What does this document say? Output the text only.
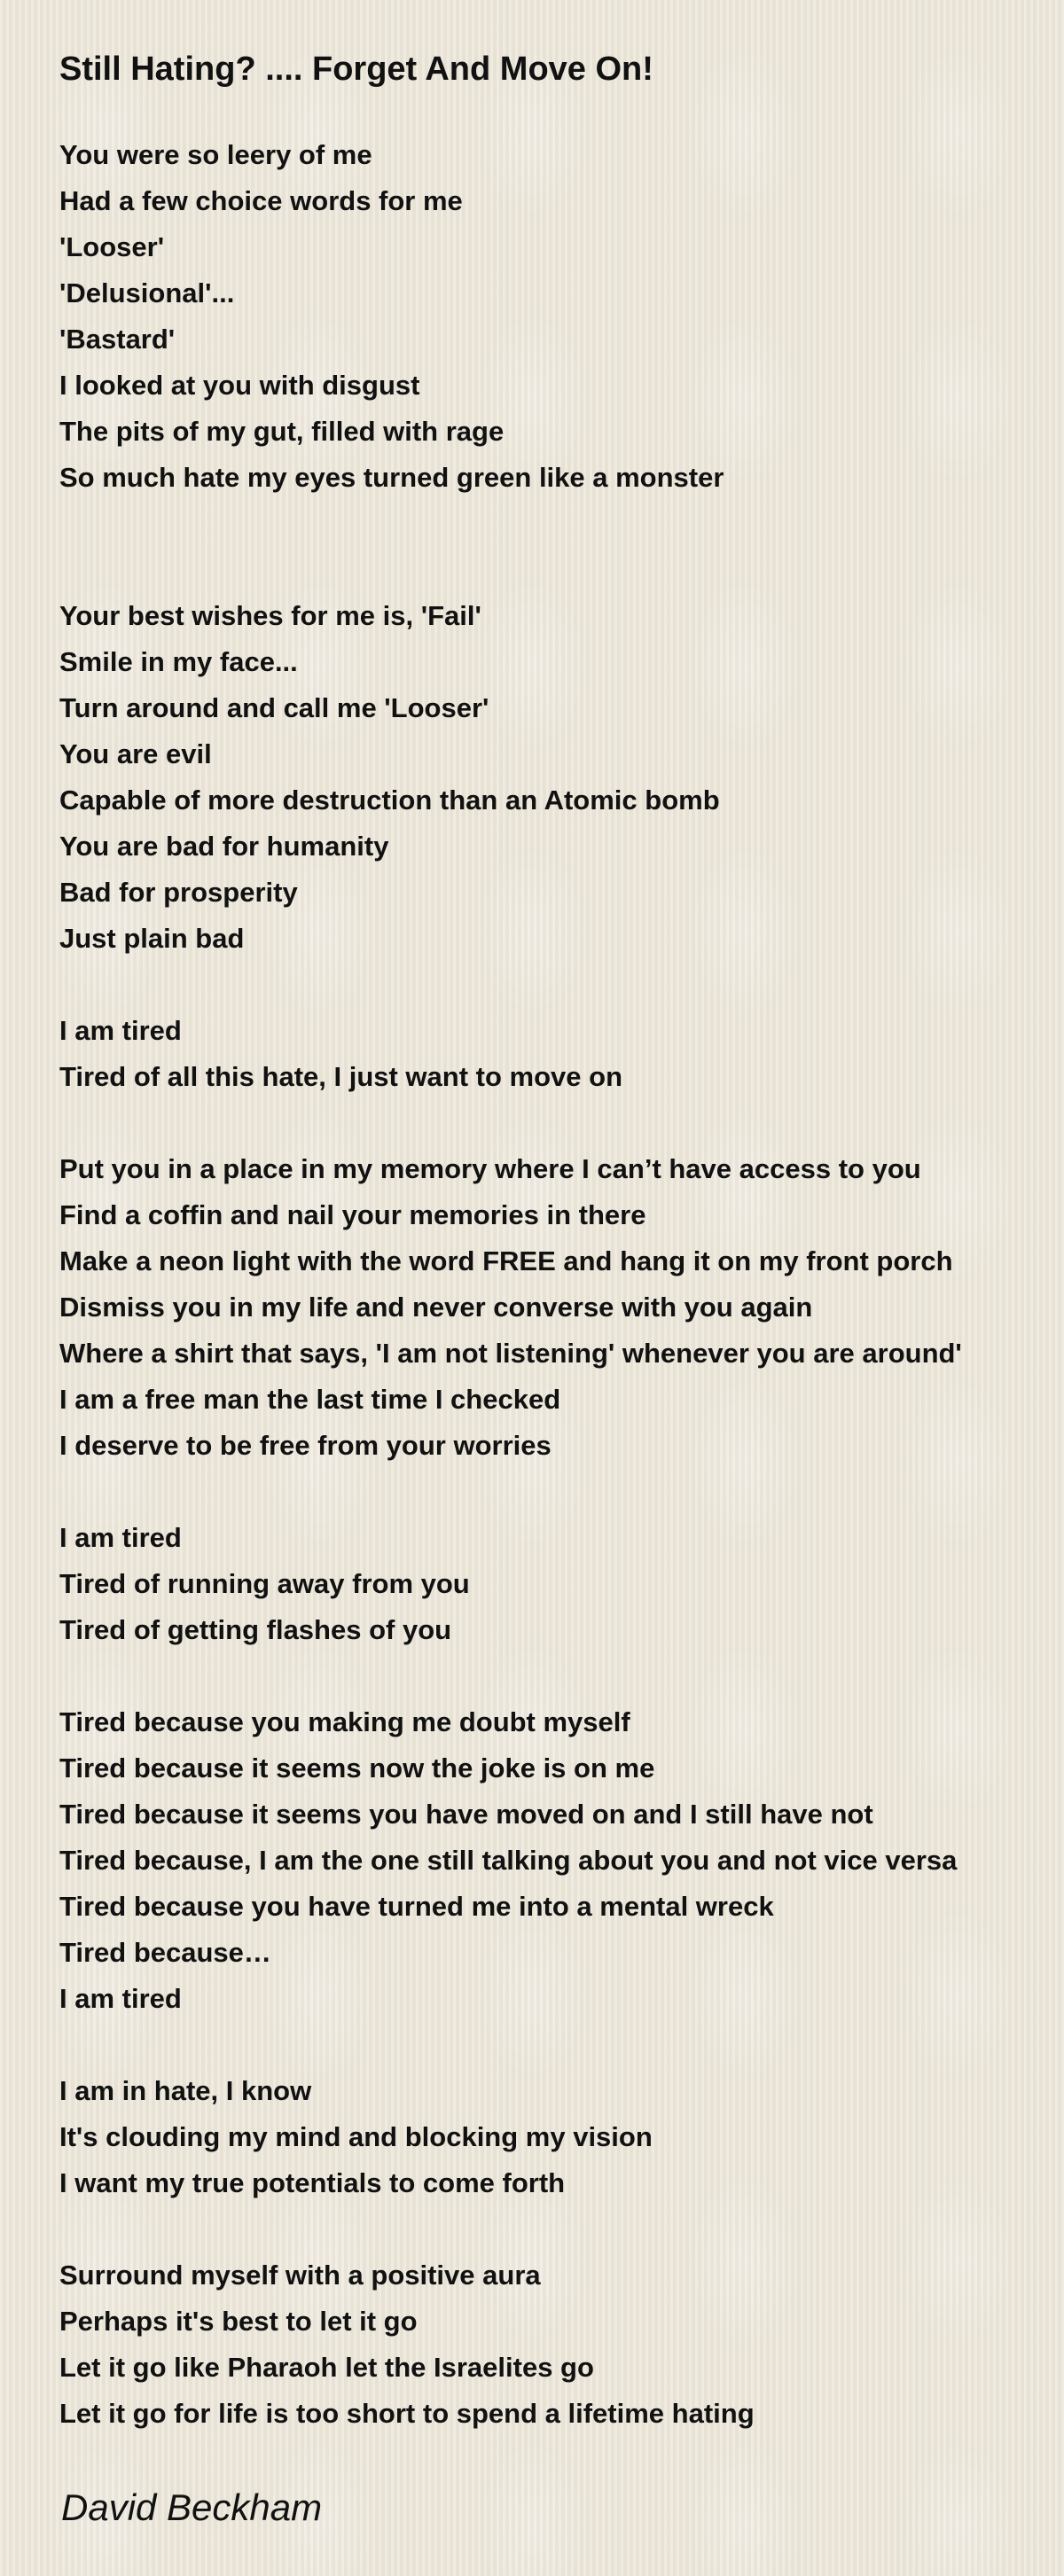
Still Hating? .... Forget And Move On!
You were so leery of me
Had a few choice words for me
'Looser'
'Delusional'...
'Bastard'
I looked at you with disgust
The pits of my gut, filled with rage
So much hate my eyes turned green like a monster
Your best wishes for me is, 'Fail'
Smile in my face...
Turn around and call me 'Looser'
You are evil
Capable of more destruction than an Atomic bomb
You are bad for humanity
Bad for prosperity
Just plain bad
I am tired
Tired of all this hate, I just want to move on
Put you in a place in my memory where I can’t have access to you
Find a coffin and nail your memories in there
Make a neon light with the word FREE and hang it on my front porch
Dismiss you in my life and never converse with you again
Where a shirt that says, 'I am not listening' whenever you are around'
I am a free man the last time I checked
I deserve to be free from your worries
I am tired
Tired of running away from you
Tired of getting flashes of you
Tired because you making me doubt myself
Tired because it seems now the joke is on me
Tired because it seems you have moved on and I still have not
Tired because, I am the one still talking about you and not vice versa
Tired because you have turned me into a mental wreck
Tired because…
I am tired
I am in hate, I know
It's clouding my mind and blocking my vision
I want my true potentials to come forth
Surround myself with a positive aura
Perhaps it's best to let it go
Let it go like Pharaoh let the Israelites go
Let it go for life is too short to spend a lifetime hating

David Beckham
